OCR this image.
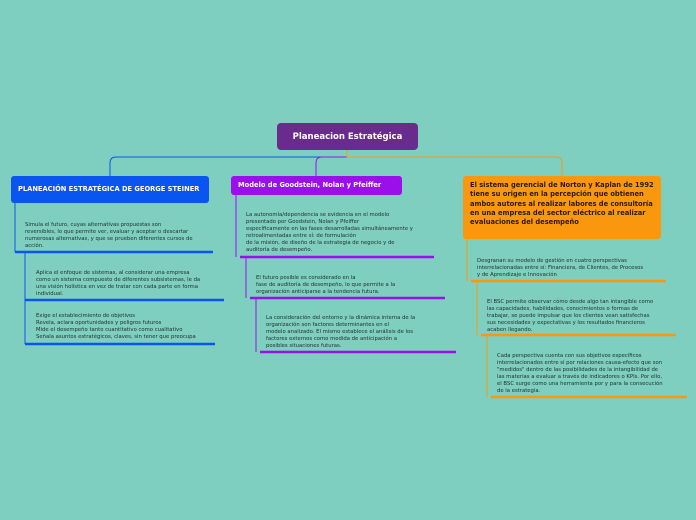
Planeacion Estratégica
PLANEACIÓN ESTRATÉGICA DE GEORGE STEINER	Modelo de Goodstein, Nolan y Pfeiffer	El sistema gerencial de Norton y Kaplan de 1992 tiene su origen en la percepción que obtienen ambos autores al realizar labores de consultoría en una empresa del sector eléctrico al realizar evaluaciones del desempeño
Simula el futuro, cuyas alternativas propuestas son
reversibles, lo que permite ver, evaluar y aceptar o descartar
numerosas alternativas, y que se prueben diferentes cursos de
acción.
Aplica el enfoque de sistemas, al considerar una empresa
como un sistema compuesto de diferentes subsistemas, le da
una visión holística en vez de tratar con cada parte en forma
individual.
Exige el establecimiento de objetivos
Revela, aclara oportunidades y peligros futuros
Mide el desempeño tanto cuantitativo como cualitativo
Señala asuntos estratégicos, claves, sin tener que preocupa
La autonomía/dependencia se evidencia en el modelo
presentado por Goodstein, Nolan y Pfeiffer
específicamente en las fases desarrolladas simultáneamente y
retroalimentadas entre sí: de formulación
de la misión, de diseño de la estrategia de negocio y de
auditoría de desempeño.
El futuro posible es considerado en la
fase de auditoría de desempeño, lo que permite a la
organización anticiparse a la tendencia futura.
La consideración del entorno y la dinámica interna de la
organización son factores determinantes en el
modelo analizado. El mismo establece el análisis de los
factores externos como medida de anticipación a
posibles situaciones futuras.
Desgranan su modelo de gestión en cuatro perspectivas
interrelacionadas entre sí: Financiera, de Clientes, de Procesos
y de Aprendizaje e Innovación
El BSC permite observar cómo desde algo tan intangible como
las capacidades, habilidades, conocimientos o formas de
trabajar, se puede impulsar que los clientes vean satisfechas
sus necesidades y expectativas y los resultados financieros
acaben llegando.
Cada perspectiva cuenta con sus objetivos específicos
interrelacionados entre sí por relaciones causa-efecto que son
"medidos" dentro de las posibilidades de la intangibilidad de
las materias a evaluar a través de indicadores o KPIs. Por ello,
el BSC surge como una herramienta por y para la consecución
de la estrategia.
